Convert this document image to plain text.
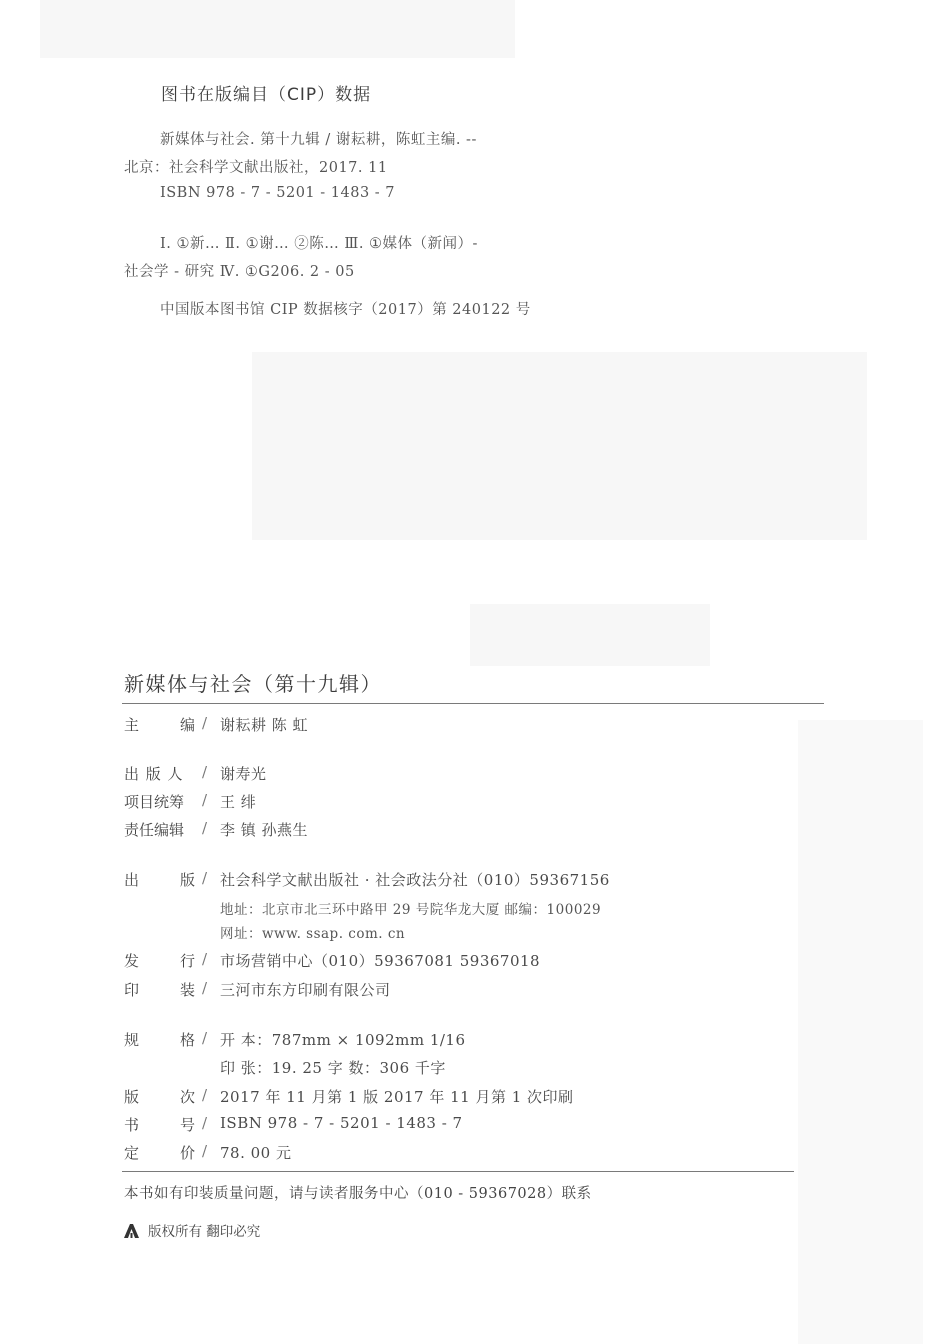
图书在版编目（CIP）数据
新媒体与社会. 第十九辑 / 谢耘耕，陈虹主编. --
北京：社会科学文献出版社，2017. 11
ISBN 978 - 7 - 5201 - 1483 - 7
Ⅰ. ①新… Ⅱ. ①谢… ②陈… Ⅲ. ①媒体（新闻）-
社会学 - 研究 Ⅳ. ①G206. 2 - 05
中国版本图书馆 CIP 数据核字（2017）第 240122 号
新媒体与社会（第十九辑）
主	编 / 谢耘耕 陈 虹
出 版 人 / 谢寿光
项目统筹 / 王 绯
责任编辑 / 李 镇 孙燕生
出	版 / 社会科学文献出版社 · 社会政法分社（010）59367156
地址：北京市北三环中路甲 29 号院华龙大厦 邮编：100029
网址：www. ssap. com. cn
发	行 / 市场营销中心（010）59367081 59367018
印	装 / 三河市东方印刷有限公司
规	格 / 开 本：787mm × 1092mm 1/16
印 张：19. 25 字 数：306 千字
版	次 / 2017 年 11 月第 1 版 2017 年 11 月第 1 次印刷
书	号 / ISBN 978 - 7 - 5201 - 1483 - 7
定	价 / 78. 00 元
本书如有印装质量问题，请与读者服务中心（010 - 59367028）联系
版权所有 翻印必究
